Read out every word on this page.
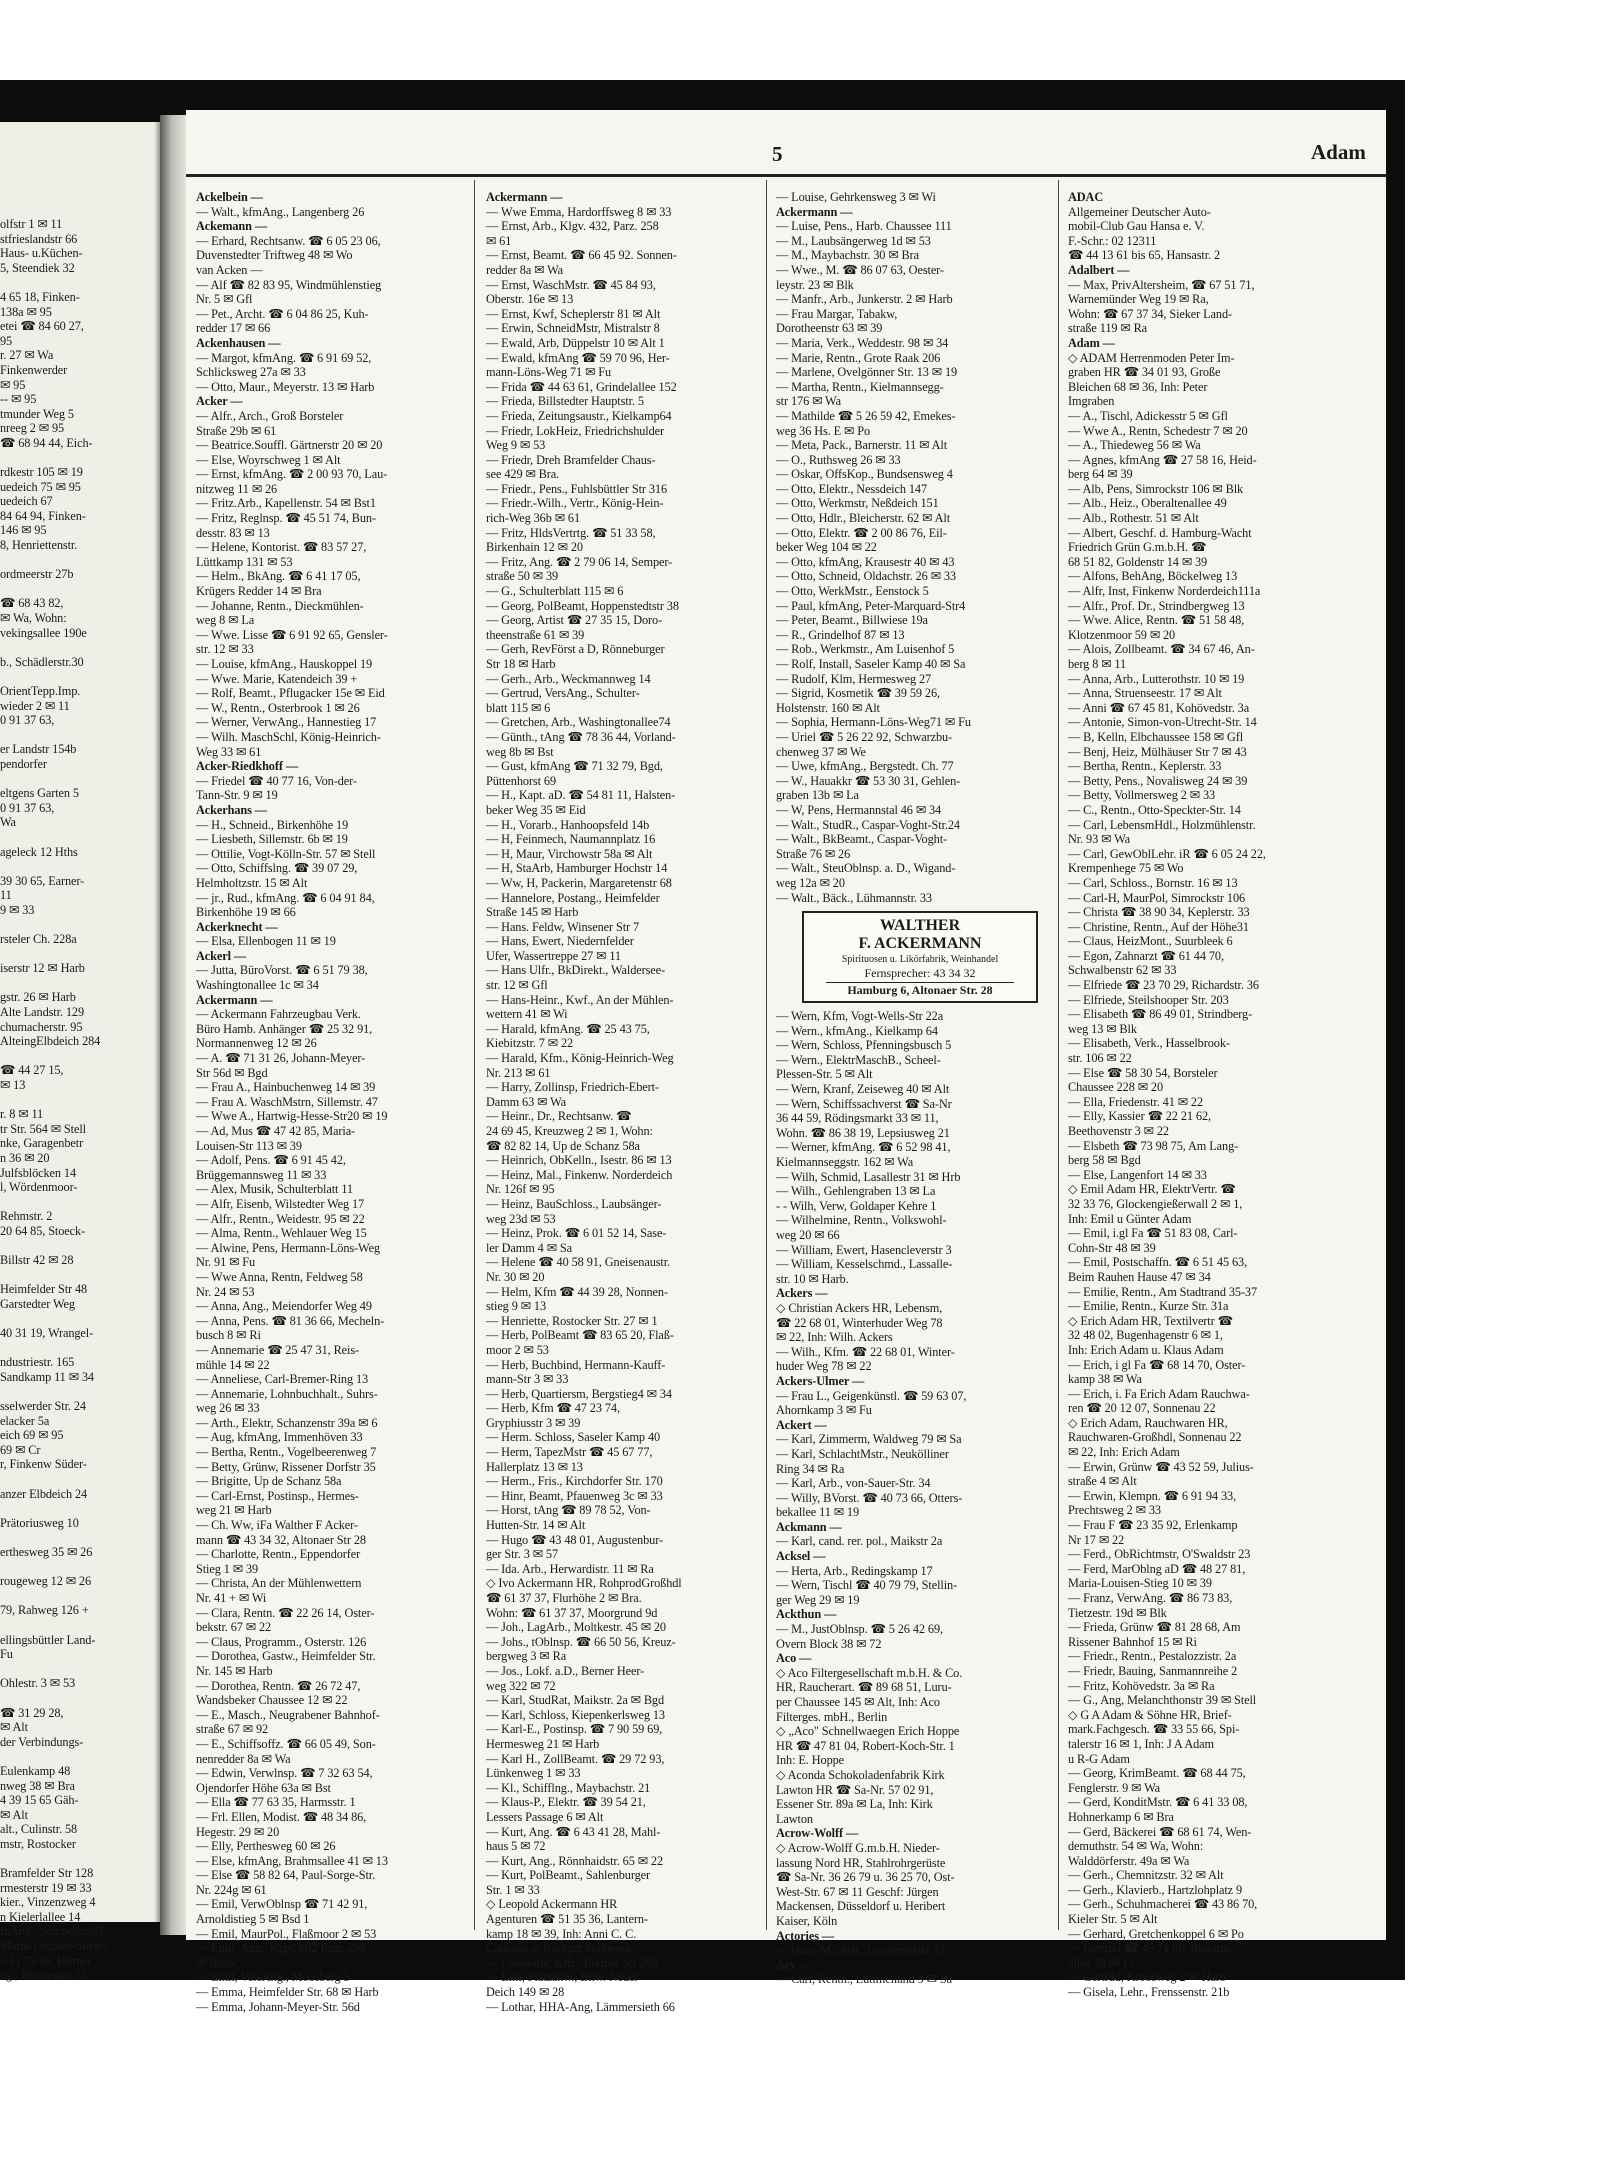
olfstr 1 ✉ 11
stfrieslandstr 66
Haus- u.Küchen-
5, Steendiek 32

4 65 18, Finken-
138a ✉ 95
etei ☎ 84 60 27,
95
r. 27 ✉ Wa
Finkenwerder
✉ 95
-- ✉ 95
tmunder Weg 5
nreeg 2 ✉ 95
☎ 68 94 44, Eich-

rdkestr 105 ✉ 19
uedeich 75 ✉ 95
uedeich 67
84 64 94, Finken-
146 ✉ 95
8, Henriettenstr.

ordmeerstr 27b

☎ 68 43 82,
✉ Wa, Wohn:
vekingsallee 190e

b., Schädlerstr.30

OrientTepp.Imp.
wieder 2 ✉ 11
0 91 37 63,

er Landstr 154b
pendorfer

eltgens Garten 5
0 91 37 63,
Wa

ageleck 12 Hths

39 30 65, Earner-
11
9 ✉ 33

rsteler Ch. 228a

iserstr 12 ✉ Harb

gstr. 26 ✉ Harb
Alte Landstr. 129
chumacherstr. 95
AlteingElbdeich 284

☎ 44 27 15,
✉ 13

r. 8 ✉ 11
tr Str. 564 ✉ Stell
nke, Garagenbetr
n 36 ✉ 20
Julfsblöcken 14
l, Wördenmoor-

Rehmstr. 2
20 64 85, Stoeck-

Billstr 42 ✉ 28

Heimfelder Str 48
Garstedter Weg

40 31 19, Wrangel-

ndustriestr. 165
Sandkamp 11 ✉ 34

sselwerder Str. 24
elacker 5a
eich 69 ✉ 95
69 ✉ Cr
r, Finkenw Süder-

anzer Elbdeich 24

Prätoriusweg 10

erthesweg 35 ✉ 26

rougeweg 12 ✉ 26

79, Rahweg 126 +

ellingsbüttler Land-
Fu

Ohlestr. 3 ✉ 53

☎ 31 29 28,
✉ Alt
der Verbindungs-

Eulenkamp 48
nweg 38 ✉ Bra
4 39 15 65 Gäh-
✉ Alt
alt., Culinstr. 58
mstr, Rostocker

Bramfelder Str 128
rmesterstr 19 ✉ 33
kier., Vinzenzweg 4
n Kielerlallee 14
rnAng., Semperstr.63
Maria-Louisen-Stieg6
6 51 79 08, Horner
ng., Bundesstr. 73
5	Adam
Ackelbein —
— Walt., kfmAng., Langenberg 26
Ackemann —
— Erhard, Rechtsanw. ☎ 6 05 23 06,
Duvenstedter Triftweg 48 ✉ Wo
van Acken —
— Alf ☎ 82 83 95, Windmühlenstieg
Nr. 5 ✉ Gfl
— Pet., Archt. ☎ 6 04 86 25, Kuh-
redder 17 ✉ 66
Ackenhausen —
— Margot, kfmAng. ☎ 6 91 69 52,
Schlicksweg 27a ✉ 33
— Otto, Maur., Meyerstr. 13 ✉ Harb
Acker —
— Alfr., Arch., Groß Borsteler
Straße 29b ✉ 61
— Beatrice.Souffl. Gärtnerstr 20 ✉ 20
— Else, Woyrschweg 1 ✉ Alt
— Ernst, kfmAng. ☎ 2 00 93 70, Lau-
nitzweg 11 ✉ 26
— Fritz.Arb., Kapellenstr. 54 ✉ Bst1
— Fritz, Reglnsp. ☎ 45 51 74, Bun-
desstr. 83 ✉ 13
— Helene, Kontorist. ☎ 83 57 27,
Lüttkamp 131 ✉ 53
— Helm., BkAng. ☎ 6 41 17 05,
Krügers Redder 14 ✉ Bra
— Johanne, Rentn., Dieckmühlen-
weg 8 ✉ La
— Wwe. Lisse ☎ 6 91 92 65, Gensler-
str. 12 ✉ 33
— Louise, kfmAng., Hauskoppel 19
— Wwe. Marie, Katendeich 39 +
— Rolf, Beamt., Pflugacker 15e ✉ Eid
— W., Rentn., Osterbrook 1 ✉ 26
— Werner, VerwAng., Hannestieg 17
— Wilh. MaschSchl, König-Heinrich-
Weg 33 ✉ 61
Acker-Riedkhoff —
— Friedel ☎ 40 77 16, Von-der-
Tann-Str. 9 ✉ 19
Ackerhans —
— H., Schneid., Birkenhöhe 19
— Liesbeth, Sillemstr. 6b ✉ 19
— Ottilie, Vogt-Kölln-Str. 57 ✉ Stell
— Otto, Schiffslng. ☎ 39 07 29,
Helmholtzstr. 15 ✉ Alt
— jr., Rud., kfmAng. ☎ 6 04 91 84,
Birkenhöhe 19 ✉ 66
Ackerknecht —
— Elsa, Ellenbogen 11 ✉ 19
Ackerl —
— Jutta, BüroVorst. ☎ 6 51 79 38,
Washingtonallee 1c ✉ 34
Ackermann —
— Ackermann Fahrzeugbau Verk.
Büro Hamb. Anhänger ☎ 25 32 91,
Normannenweg 12 ✉ 26
— A. ☎ 71 31 26, Johann-Meyer-
Str 56d ✉ Bgd
— Frau A., Hainbuchenweg 14 ✉ 39
— Frau A. WaschMstrn, Sillemstr. 47
— Wwe A., Hartwig-Hesse-Str20 ✉ 19
— Ad, Mus ☎ 47 42 85, Maria-
Louisen-Str 113 ✉ 39
— Adolf, Pens. ☎ 6 91 45 42,
Brüggemannsweg 11 ✉ 33
— Alex, Musik, Schulterblatt 11
— Alfr, Eisenb, Wilstedter Weg 17
— Alfr., Rentn., Weidestr. 95 ✉ 22
— Alma, Rentn., Wehlauer Weg 15
— Alwine, Pens, Hermann-Löns-Weg
Nr. 91 ✉ Fu
— Wwe Anna, Rentn, Feldweg 58
Nr. 24 ✉ 53
— Anna, Ang., Meiendorfer Weg 49
— Anna, Pens. ☎ 81 36 66, Mecheln-
busch 8 ✉ Ri
— Annemarie ☎ 25 47 31, Reis-
mühle 14 ✉ 22
— Anneliese, Carl-Bremer-Ring 13
— Annemarie, Lohnbuchhalt., Suhrs-
weg 26 ✉ 33
— Arth., Elektr, Schanzenstr 39a ✉ 6
— Aug, kfmAng, Immenhöven 33
— Bertha, Rentn., Vogelbeerenweg 7
— Betty, Grünw, Rissener Dorfstr 35
— Brigitte, Up de Schanz 58a
— Carl-Ernst, Postinsp., Hermes-
weg 21 ✉ Harb
— Ch. Ww, iFa Walther F Acker-
mann ☎ 43 34 32, Altonaer Str 28
— Charlotte, Rentn., Eppendorfer
Stieg 1 ✉ 39
— Christa, An der Mühlenwettern
Nr. 41 + ✉ Wi
— Clara, Rentn. ☎ 22 26 14, Oster-
bekstr. 67 ✉ 22
— Claus, Programm., Osterstr. 126
— Dorothea, Gastw., Heimfelder Str.
Nr. 145 ✉ Harb
— Dorothea, Rentn. ☎ 26 72 47,
Wandsbeker Chaussee 12 ✉ 22
— E., Masch., Neugrabener Bahnhof-
straße 67 ✉ 92
— E., Schiffsoffz. ☎ 66 05 49, Son-
nenredder 8a ✉ Wa
— Edwin, Verwlnsp. ☎ 7 32 63 54,
Ojendorfer Höhe 63a ✉ Bst
— Ella ☎ 77 63 35, Harmsstr. 1
— Frl. Ellen, Modist. ☎ 48 34 86,
Hegestr. 29 ✉ 20
— Elly, Perthesweg 60 ✉ 26
— Else, kfmAng, Brahmsallee 41 ✉ 13
— Else ☎ 58 82 64, Paul-Sorge-Str.
Nr. 224g ✉ 61
— Emil, VerwOblnsp ☎ 71 42 91,
Arnoldistieg 5 ✉ Bsd 1
— Emil, MaurPol., Flaßmoor 2 ✉ 53
— Emil, Ang., Klgv. 602 Parz. 295
✉ Billw
— Emil, VersAng., Moosberg 5
— Emma, Heimfelder Str. 68 ✉ Harb
— Emma, Johann-Meyer-Str. 56d
Ackermann —
— Wwe Emma, Hardorffsweg 8 ✉ 33
— Ernst, Arb., Klgv. 432, Parz. 258
✉ 61
— Ernst, Beamt. ☎ 66 45 92. Sonnen-
redder 8a ✉ Wa
— Ernst, WaschMstr. ☎ 45 84 93,
Oberstr. 16e ✉ 13
— Ernst, Kwf, Scheplerstr 81 ✉ Alt
— Erwin, SchneidMstr, Mistralstr 8
— Ewald, Arb, Düppelstr 10 ✉ Alt 1
— Ewald, kfmAng ☎ 59 70 96, Her-
mann-Löns-Weg 71 ✉ Fu
— Frida ☎ 44 63 61, Grindelallee 152
— Frieda, Billstedter Hauptstr. 5
— Frieda, Zeitungsaustr., Kielkamp64
— Friedr, LokHeiz, Friedrichshulder
Weg 9 ✉ 53
— Friedr, Dreh Bramfelder Chaus-
see 429 ✉ Bra.
— Friedr., Pens., Fuhlsbüttler Str 316
— Friedr.-Wilh., Vertr., König-Hein-
rich-Weg 36b ✉ 61
— Fritz, HldsVertrtg. ☎ 51 33 58,
Birkenhain 12 ✉ 20
— Fritz, Ang. ☎ 2 79 06 14, Semper-
straße 50 ✉ 39
— G., Schulterblatt 115 ✉ 6
— Georg, PolBeamt, Hoppenstedtstr 38
— Georg, Artist ☎ 27 35 15, Doro-
theenstraße 61 ✉ 39
— Gerh, RevFörst a D, Rönneburger
Str 18 ✉ Harb
— Gerh., Arb., Weckmannweg 14
— Gertrud, VersAng., Schulter-
blatt 115 ✉ 6
— Gretchen, Arb., Washingtonallee74
— Günth., tAng ☎ 78 36 44, Vorland-
weg 8b ✉ Bst
— Gust, kfmAng ☎ 71 32 79, Bgd,
Püttenhorst 69
— H., Kapt. aD. ☎ 54 81 11, Halsten-
beker Weg 35 ✉ Eid
— H., Vorarb., Hanhoopsfeld 14b
— H, Feinmech, Naumannplatz 16
— H, Maur, Virchowstr 58a ✉ Alt
— H, StaArb, Hamburger Hochstr 14
— Ww, H, Packerin, Margaretenstr 68
— Hannelore, Postang., Heimfelder
Straße 145 ✉ Harb
— Hans. Feldw, Winsener Str 7
— Hans, Ewert, Niedernfelder
Ufer, Wassertreppe 27 ✉ 11
— Hans Ulfr., BkDirekt., Waldersee-
str. 12 ✉ Gfl
— Hans-Heinr., Kwf., An der Mühlen-
wettern 41 ✉ Wi
— Harald, kfmAng. ☎ 25 43 75,
Kiebitzstr. 7 ✉ 22
— Harald, Kfm., König-Heinrich-Weg
Nr. 213 ✉ 61
— Harry, Zollinsp, Friedrich-Ebert-
Damm 63 ✉ Wa
— Heinr., Dr., Rechtsanw. ☎
24 69 45, Kreuzweg 2 ✉ 1, Wohn:
☎ 82 82 14, Up de Schanz 58a
— Heinrich, ObKelln., Isestr. 86 ✉ 13
— Heinz, Mal., Finkenw. Norderdeich
Nr. 126f ✉ 95
— Heinz, BauSchloss., Laubsänger-
weg 23d ✉ 53
— Heinz, Prok. ☎ 6 01 52 14, Sase-
ler Damm 4 ✉ Sa
— Helene ☎ 40 58 91, Gneisenaustr.
Nr. 30 ✉ 20
— Helm, Kfm ☎ 44 39 28, Nonnen-
stieg 9 ✉ 13
— Henriette, Rostocker Str. 27 ✉ 1
— Herb, PolBeamt ☎ 83 65 20, Flaß-
moor 2 ✉ 53
— Herb, Buchbind, Hermann-Kauff-
mann-Str 3 ✉ 33
— Herb, Quartiersm, Bergstieg4 ✉ 34
— Herb, Kfm ☎ 47 23 74,
Gryphiusstr 3 ✉ 39
— Herm. Schloss, Saseler Kamp 40
— Herm, TapezMstr ☎ 45 67 77,
Hallerplatz 13 ✉ 13
— Herm., Fris., Kirchdorfer Str. 170
— Hinr, Beamt, Pfauenweg 3c ✉ 33
— Horst, tAng ☎ 89 78 52, Von-
Hutten-Str. 14 ✉ Alt
— Hugo ☎ 43 48 01, Augustenbur-
ger Str. 3 ✉ 57
— Ida. Arb., Herwardistr. 11 ✉ Ra
◇ Ivo Ackermann HR, RohprodGroßhdl
☎ 61 37 37, Flurhöhe 2 ✉ Bra.
Wohn: ☎ 61 37 37, Moorgrund 9d
— Joh., LagArb., Moltkestr. 45 ✉ 20
— Johs., tOblnsp. ☎ 66 50 56, Kreuz-
bergweg 3 ✉ Ra
— Jos., Lokf. a.D., Berner Heer-
weg 322 ✉ 72
— Karl, StudRat, Maikstr. 2a ✉ Bgd
— Karl, Schloss, Kiepenkerlsweg 13
— Karl-E., Postinsp. ☎ 7 90 59 69,
Hermesweg 21 ✉ Harb
— Karl H., ZollBeamt. ☎ 29 72 93,
Lünkenweg 1 ✉ 33
— Kl., Schifflng., Maybachstr. 21
— Klaus-P., Elektr. ☎ 39 54 21,
Lessers Passage 6 ✉ Alt
— Kurt, Ang. ☎ 6 43 41 28, Mahl-
haus 5 ✉ 72
— Kurt, Ang., Rönnhaidstr. 65 ✉ 22
— Kurt, PolBeamt., Sahlenburger
Str. 1 ✉ 33
◇ Leopold Ackermann HR
Agenturen ☎ 51 35 36, Lantern-
kamp 18 ✉ 39, Inh: Anni C. C.
Carlsson u. Rüdiger Schiweck
— Lieselotte, Kffr., Bremer Str 289
— Lilli, Platzanw., Bilw. Neuer
Deich 149 ✉ 28
— Lothar, HHA-Ang, Lämmersieth 66
— Louise, Gehrkensweg 3 ✉ Wi
Ackermann —
— Luise, Pens., Harb. Chaussee 111
— M., Laubsängerweg 1d ✉ 53
— M., Maybachstr. 30 ✉ Bra
— Wwe., M. ☎ 86 07 63, Oester-
leystr. 23 ✉ Blk
— Manfr., Arb., Junkerstr. 2 ✉ Harb
— Frau Margar, Tabakw,
Dorotheenstr 63 ✉ 39
— Maria, Verk., Weddestr. 98 ✉ 34
— Marie, Rentn., Grote Raak 206
— Marlene, Ovelgönner Str. 13 ✉ 19
— Martha, Rentn., Kielmannsegg-
str 176 ✉ Wa
— Mathilde ☎ 5 26 59 42, Emekes-
weg 36 Hs. E ✉ Po
— Meta, Pack., Barnerstr. 11 ✉ Alt
— O., Ruthsweg 26 ✉ 33
— Oskar, OffsKop., Bundsensweg 4
— Otto, Elektr., Nessdeich 147
— Otto, Werkmstr, Neßdeich 151
— Otto, Hdlr., Bleicherstr. 62 ✉ Alt
— Otto, Elektr. ☎ 2 00 86 76, Eil-
beker Weg 104 ✉ 22
— Otto, kfmAng, Krausestr 40 ✉ 43
— Otto, Schneid, Oldachstr. 26 ✉ 33
— Otto, WerkMstr., Eenstock 5
— Paul, kfmAng, Peter-Marquard-Str4
— Peter, Beamt., Billwiese 19a
— R., Grindelhof 87 ✉ 13
— Rob., Werkmstr., Am Luisenhof 5
— Rolf, Install, Saseler Kamp 40 ✉ Sa
— Rudolf, Klm, Hermesweg 27
— Sigrid, Kosmetik ☎ 39 59 26,
Holstenstr. 160 ✉ Alt
— Sophia, Hermann-Löns-Weg71 ✉ Fu
— Uriel ☎ 5 26 22 92, Schwarzbu-
chenweg 37 ✉ We
— Uwe, kfmAng., Bergstedt. Ch. 77
— W., Hauakkr ☎ 53 30 31, Gehlen-
graben 13b ✉ La
— W, Pens, Hermannstal 46 ✉ 34
— Walt., StudR., Caspar-Voght-Str.24
— Walt., BkBeamt., Caspar-Voght-
Straße 76 ✉ 26
— Walt., SteuOblnsp. a. D., Wigand-
weg 12a ✉ 20
— Walt., Bäck., Lühmannstr. 33
WALTHER
F. ACKERMANN
Spirituosen u. Likörfabrik, Weinhandel
Fernsprecher: 43 34 32
Hamburg 6, Altonaer Str. 28
— Wern, Kfm, Vogt-Wells-Str 22a
— Wern., kfmAng., Kielkamp 64
— Wern, Schloss, Pfenningsbusch 5
— Wern., ElektrMaschB., Scheel-
Plessen-Str. 5 ✉ Alt
— Wern, Kranf, Zeiseweg 40 ✉ Alt
— Wern, Schiffssachverst ☎ Sa-Nr
36 44 59, Rödingsmarkt 33 ✉ 11,
Wohn. ☎ 86 38 19, Lepsiusweg 21
— Werner, kfmAng. ☎ 6 52 98 41,
Kielmannseggstr. 162 ✉ Wa
— Wilh, Schmid, Lasallestr 31 ✉ Hrb
— Wilh., Gehlengraben 13 ✉ La
- - Wilh, Verw, Goldaper Kehre 1
— Wilhelmine, Rentn., Volkswohl-
weg 20 ✉ 66
— William, Ewert, Hasencleverstr 3
— William, Kesselschmd., Lassalle-
str. 10 ✉ Harb.
Ackers —
◇ Christian Ackers HR, Lebensm,
☎ 22 68 01, Winterhuder Weg 78
✉ 22, Inh: Wilh. Ackers
— Wilh., Kfm. ☎ 22 68 01, Winter-
huder Weg 78 ✉ 22
Ackers-Ulmer —
— Frau L., Geigenkünstl. ☎ 59 63 07,
Ahornkamp 3 ✉ Fu
Ackert —
— Karl, Zimmerm, Waldweg 79 ✉ Sa
— Karl, SchlachtMstr., Neukölliner
Ring 34 ✉ Ra
— Karl, Arb., von-Sauer-Str. 34
— Willy, BVorst. ☎ 40 73 66, Otters-
bekallee 11 ✉ 19
Ackmann —
— Karl, cand. rer. pol., Maikstr 2a
Acksel —
— Herta, Arb., Redingskamp 17
— Wern, Tischl ☎ 40 79 79, Stellin-
ger Weg 29 ✉ 19
Ackthun —
— M., JustOblnsp. ☎ 5 26 42 69,
Overn Block 38 ✉ 72
Aco —
◇ Aco Filtergesellschaft m.b.H. & Co.
HR, Raucherart. ☎ 89 68 51, Luru-
per Chaussee 145 ✉ Alt, Inh: Aco
Filterges. mbH., Berlin
◇ „Aco" Schnellwaegen Erich Hoppe
HR ☎ 47 81 04, Robert-Koch-Str. 1
Inh: E. Hoppe
◇ Aconda Schokoladenfabrik Kirk
Lawton HR ☎ Sa-Nr. 57 02 91,
Essener Str. 89a ✉ La, Inh: Kirk
Lawton
Acrow-Wolff —
◇ Acrow-Wolff G.m.b.H. Nieder-
lassung Nord HR, Stahlrohrgerüste
☎ Sa-Nr. 36 26 79 u. 36 25 70, Ost-
West-Str. 67 ✉ 11 Geschf: Jürgen
Mackensen, Düsseldorf u. Heribert
Kaiser, Köln
Actories —
— Hans-M., Arb., Lornsenplatz 12
Acy —
— Carl, Rentn., Lüttmelland 9 ✉ Sa
ADAC
Allgemeiner Deutscher Auto-
mobil-Club Gau Hansa e. V.
F.-Schr.: 02 12311
☎ 44 13 61 bis 65, Hansastr. 2
Adalbert —
— Max, PrivAltersheim, ☎ 67 51 71,
Warnemünder Weg 19 ✉ Ra,
Wohn: ☎ 67 37 34, Sieker Land-
straße 119 ✉ Ra
Adam —
◇ ADAM Herrenmoden Peter Im-
graben HR ☎ 34 01 93, Große
Bleichen 68 ✉ 36, Inh: Peter
Imgraben
— A., Tischl, Adickesstr 5 ✉ Gfl
— Wwe A., Rentn, Schedestr 7 ✉ 20
— A., Thiedeweg 56 ✉ Wa
— Agnes, kfmAng ☎ 27 58 16, Heid-
berg 64 ✉ 39
— Alb, Pens, Simrockstr 106 ✉ Blk
— Alb., Heiz., Oberaltenallee 49
— Alb., Rothestr. 51 ✉ Alt
— Albert, Geschf. d. Hamburg-Wacht
Friedrich Grün G.m.b.H. ☎
68 51 82, Goldenstr 14 ✉ 39
— Alfons, BehAng, Böckelweg 13
— Alfr, Inst, Finkenw Norderdeich111a
— Alfr., Prof. Dr., Strindbergweg 13
— Wwe. Alice, Rentn. ☎ 51 58 48,
Klotzenmoor 59 ✉ 20
— Alois, Zollbeamt. ☎ 34 67 46, An-
berg 8 ✉ 11
— Anna, Arb., Lutterothstr. 10 ✉ 19
— Anna, Struenseestr. 17 ✉ Alt
— Anni ☎ 67 45 81, Kohövedstr. 3a
— Antonie, Simon-von-Utrecht-Str. 14
— B, Kelln, Elbchaussee 158 ✉ Gfl
— Benj, Heiz, Mülhäuser Str 7 ✉ 43
— Bertha, Rentn., Keplerstr. 33
— Betty, Pens., Novalisweg 24 ✉ 39
— Betty, Vollmersweg 2 ✉ 33
— C., Rentn., Otto-Speckter-Str. 14
— Carl, LebensmHdl., Holzmühlenstr.
Nr. 93 ✉ Wa
— Carl, GewOblLehr. iR ☎ 6 05 24 22,
Krempenhege 75 ✉ Wo
— Carl, Schloss., Bornstr. 16 ✉ 13
— Carl-H, MaurPol, Simrockstr 106
— Christa ☎ 38 90 34, Keplerstr. 33
— Christine, Rentn., Auf der Höhe31
— Claus, HeizMont., Suurbleek 6
— Egon, Zahnarzt ☎ 61 44 70,
Schwalbenstr 62 ✉ 33
— Elfriede ☎ 23 70 29, Richardstr. 36
— Elfriede, Steilshooper Str. 203
— Elisabeth ☎ 86 49 01, Strindberg-
weg 13 ✉ Blk
— Elisabeth, Verk., Hasselbrook-
str. 106 ✉ 22
— Else ☎ 58 30 54, Borsteler
Chaussee 228 ✉ 20
— Ella, Friedenstr. 41 ✉ 22
— Elly, Kassier ☎ 22 21 62,
Beethovenstr 3 ✉ 22
— Elsbeth ☎ 73 98 75, Am Lang-
berg 58 ✉ Bgd
— Else, Langenfort 14 ✉ 33
◇ Emil Adam HR, ElektrVertr. ☎
32 33 76, Glockengießerwall 2 ✉ 1,
Inh: Emil u Günter Adam
— Emil, i.gl Fa ☎ 51 83 08, Carl-
Cohn-Str 48 ✉ 39
— Emil, Postschaffn. ☎ 6 51 45 63,
Beim Rauhen Hause 47 ✉ 34
— Emilie, Rentn., Am Stadtrand 35-37
— Emilie, Rentn., Kurze Str. 31a
◇ Erich Adam HR, Textilvertr ☎
32 48 02, Bugenhagenstr 6 ✉ 1,
Inh: Erich Adam u. Klaus Adam
— Erich, i gl Fa ☎ 68 14 70, Oster-
kamp 38 ✉ Wa
— Erich, i. Fa Erich Adam Rauchwa-
ren ☎ 20 12 07, Sonnenau 22
◇ Erich Adam, Rauchwaren HR,
Rauchwaren-Großhdl, Sonnenau 22
✉ 22, Inh: Erich Adam
— Erwin, Grünw ☎ 43 52 59, Julius-
straße 4 ✉ Alt
— Erwin, Klempn. ☎ 6 91 94 33,
Prechtsweg 2 ✉ 33
— Frau F ☎ 23 35 92, Erlenkamp
Nr 17 ✉ 22
— Ferd., ObRichtmstr, O'Swaldstr 23
— Ferd, MarOblng aD ☎ 48 27 81,
Maria-Louisen-Stieg 10 ✉ 39
— Franz, VerwAng. ☎ 86 73 83,
Tietzestr. 19d ✉ Blk
— Frieda, Grünw ☎ 81 28 68, Am
Rissener Bahnhof 15 ✉ Ri
— Friedr., Rentn., Pestalozzistr. 2a
— Friedr, Bauing, Sanmannreihe 2
— Fritz, Kohövedstr. 3a ✉ Ra
— G., Ang, Melanchthonstr 39 ✉ Stell
◇ G A Adam & Söhne HR, Brief-
mark.Fachgesch. ☎ 33 55 66, Spi-
talerstr 16 ✉ 1, Inh: J A Adam
u R-G Adam
— Georg, KrimBeamt. ☎ 68 44 75,
Fenglerstr. 9 ✉ Wa
— Gerd, KonditMstr. ☎ 6 41 33 08,
Hohnerkamp 6 ✉ Bra
— Gerd, Bäckerei ☎ 68 61 74, Wen-
demuthstr. 54 ✉ Wa, Wohn:
Walddörferstr. 49a ✉ Wa
— Gerh., Chemnitzstr. 32 ✉ Alt
— Gerh., Klavierb., Hartzlohplatz 9
— Gerh., Schuhmacherei ☎ 43 86 70,
Kieler Str. 5 ✉ Alt
— Gerhard, Gretchenkoppel 6 ✉ Po
— Gertrud ☎ 45 71 86, Brahms-
allee 78 ✉ 13
— Gertrud, Kroosweg 2 ✉ Harb
— Gisela, Lehr., Frenssenstr. 21b
